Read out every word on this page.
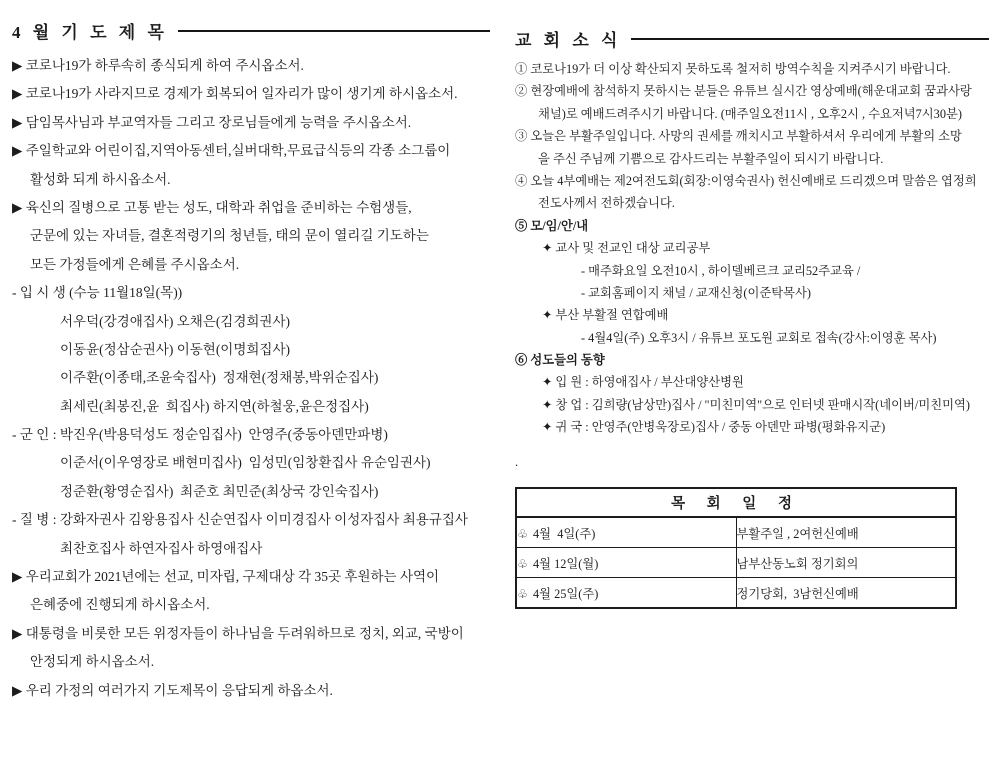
4 월 기 도 제 목
▶ 코로나19가 하루속히 종식되게 하여 주시옵소서.
▶ 코로나19가 사라지므로 경제가 회복되어 일자리가 많이 생기게 하시옵소서.
▶ 담임목사님과 부교역자들 그리고 장로님들에게 능력을 주시옵소서.
▶ 주일학교와 어린이집,지역아동센터,실버대학,무료급식등의 각종 소그룹이
활성화 되게 하시옵소서.
▶ 육신의 질병으로 고통 받는 성도, 대학과 취업을 준비하는 수험생들,
군문에 있는 자녀들, 결혼적령기의 청년들, 태의 문이 열리길 기도하는
모든 가정들에게 은혜를 주시옵소서.
- 입 시 생 (수능 11월18일(목))
서우덕(강경애집사) 오채은(김경희권사)
이동윤(정삼순권사) 이동현(이명희집사)
이주환(이종태,조윤숙집사)  정재현(정채봉,박위순집사)
최세린(최봉진,윤  희집사) 하지연(하철웅,윤은정집사)
- 군 인 : 박진우(박용덕성도 정순임집사)  안영주(중동아덴만파병)
이준서(이우영장로 배현미집사)  임성민(임창환집사 유순임권사)
정준환(황영순집사)  최준호 최민준(최상국 강인숙집사)
- 질 병 : 강화자권사 김왕용집사 신순연집사 이미경집사 이성자집사 최용규집사
최찬호집사 하연자집사 하영애집사
▶ 우리교회가 2021년에는 선교, 미자립, 구제대상 각 35곳 후원하는 사역이
은혜중에 진행되게 하시옵소서.
▶ 대통령을 비롯한 모든 위정자들이 하나님을 두려워하므로 정치, 외교, 국방이
안정되게 하시옵소서.
▶ 우리 가정의 여러가지 기도제목이 응답되게 하옵소서.
교 회 소 식
① 코로나19가 더 이상 확산되지 못하도록 철저히 방역수칙을 지켜주시기 바랍니다.
② 현장예배에 참석하지 못하시는 분들은 유튜브 실시간 영상예배(해운대교회 꿈과사랑
채널)로 예배드려주시기 바랍니다. (매주일오전11시 , 오후2시 , 수요저녁7시30분)
③ 오늘은 부활주일입니다. 사망의 권세를 깨치시고 부활하셔서 우리에게 부활의 소망
을 주신 주님께 기쁨으로 감사드리는 부활주일이 되시기 바랍니다.
④ 오늘 4부예배는 제2여전도회(회장:이영숙권사) 헌신예배로 드리겠으며 말씀은 엽정희
전도사께서 전하겠습니다.
⑤ 모/임/안/내
✦ 교사 및 전교인 대상 교리공부
- 매주화요일 오전10시 , 하이델베르크 교리52주교육 /
- 교회홈페이지 채널 / 교재신청(이준탁목사)
✦ 부산 부활절 연합예배
- 4월4일(주) 오후3시 / 유튜브 포도원 교회로 접속(강사:이영훈 목사)
⑥ 성도들의 동향
✦ 입 원 : 하영애집사 / 부산대양산병원
✦ 창 업 : 김희량(남상만)집사 / "미친미역"으로 인터넷 판매시작(네이버/미친미역)
✦ 귀 국 : 안영주(안병욱장로)집사 / 중동 아덴만 파병(평화유지군)
.
목 회 일 정	
♧ 4월  4일(주)	부활주일 , 2여헌신예배
♧ 4월 12일(월)	남부산동노회 정기회의
♧ 4월 25일(주)	정기당회,  3남헌신예배
